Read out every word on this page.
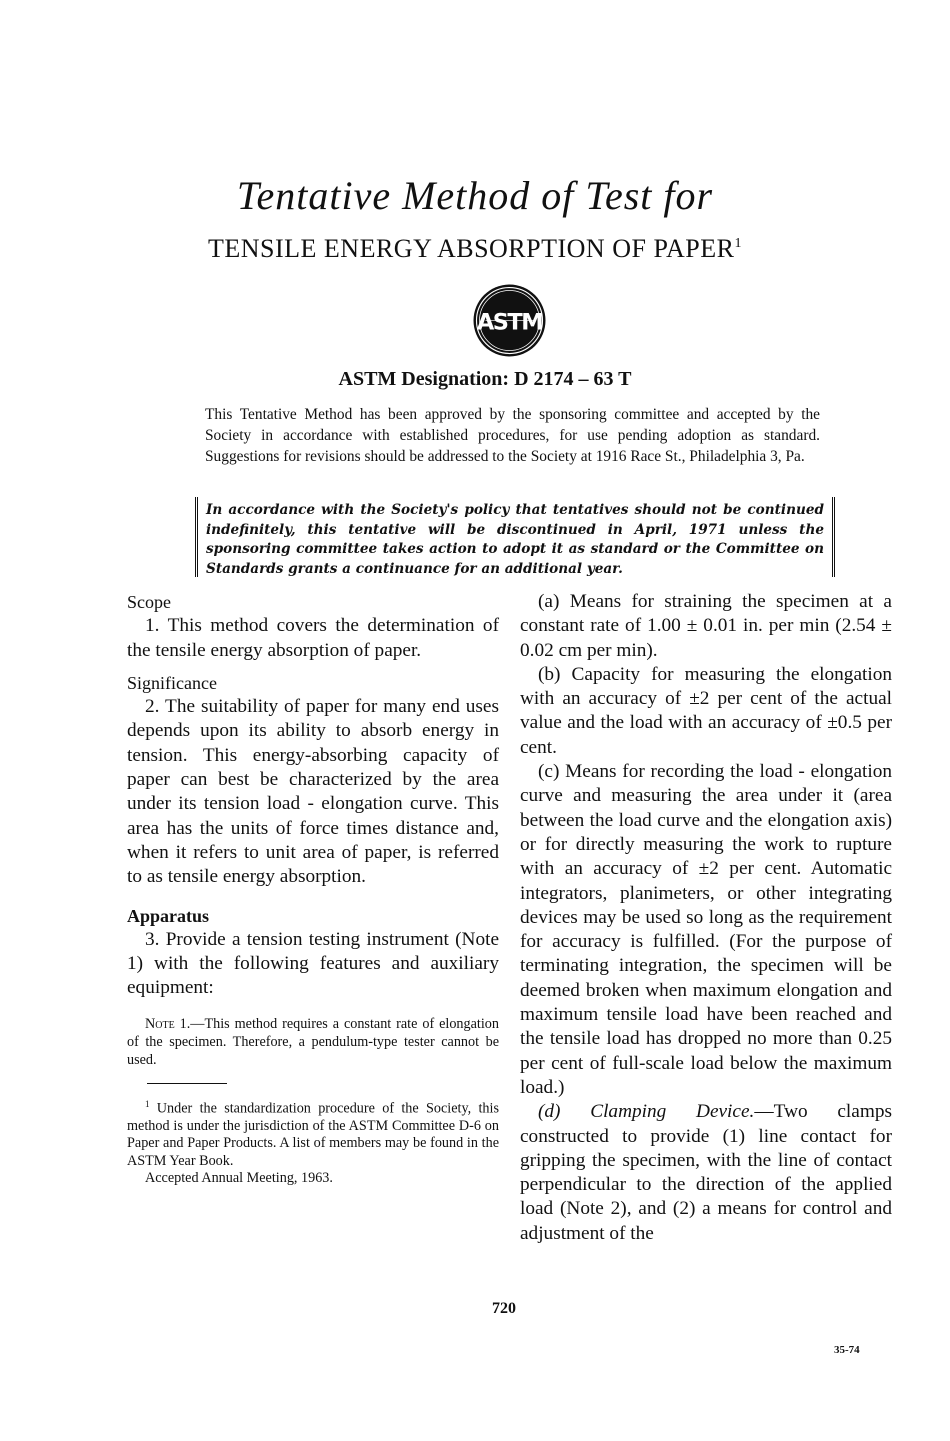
Tentative Method of Test for
TENSILE ENERGY ABSORPTION OF PAPER$^1$
ASTM
ASTM Designation: D 2174 – 63 T

This Tentative Method has been approved by the sponsoring committee and accepted by the Society in accordance with established procedures, for use pending adoption as standard. Suggestions for revisions should be addressed to the Society at 1916 Race St., Philadelphia 3, Pa.

In accordance with the Society's policy that tentatives should not be continued indefinitely, this tentative will be discontinued in April, 1971 unless the sponsoring committee takes action to adopt it as standard or the Committee on Standards grants a continuance for an additional year.

Scope

1. This method covers the determination of the tensile energy absorption of paper.

Significance

2. The suitability of paper for many end uses depends upon its ability to absorb energy in tension. This energy-absorbing capacity of paper can best be characterized by the area under its tension load - elongation curve. This area has the units of force times distance and, when it refers to unit area of paper, is referred to as tensile energy absorption.

Apparatus

3. Provide a tension testing instrument (Note 1) with the following features and auxiliary equipment:

Note 1.—This method requires a constant rate of elongation of the specimen. Therefore, a pendulum-type tester cannot be used.

$^1$ Under the standardization procedure of the Society, this method is under the jurisdiction of the ASTM Committee D-6 on Paper and Paper Products. A list of members may be found in the ASTM Year Book.

Accepted Annual Meeting, 1963.

(a) Means for straining the specimen at a constant rate of 1.00 ± 0.01 in. per min (2.54 ± 0.02 cm per min).

(b) Capacity for measuring the elongation with an accuracy of ±2 per cent of the actual value and the load with an accuracy of ±0.5 per cent.

(c) Means for recording the load - elongation curve and measuring the area under it (area between the load curve and the elongation axis) or for directly measuring the work to rupture with an accuracy of ±2 per cent. Automatic integrators, planimeters, or other integrating devices may be used so long as the requirement for accuracy is fulfilled. (For the purpose of terminating integration, the specimen will be deemed broken when maximum elongation and maximum tensile load have been reached and the tensile load has dropped no more than 0.25 per cent of full-scale load below the maximum load.)

(d) Clamping Device.—Two clamps constructed to provide (1) line contact for gripping the specimen, with the line of contact perpendicular to the direction of the applied load (Note 2), and (2) a means for control and adjustment of the

720
35-74
